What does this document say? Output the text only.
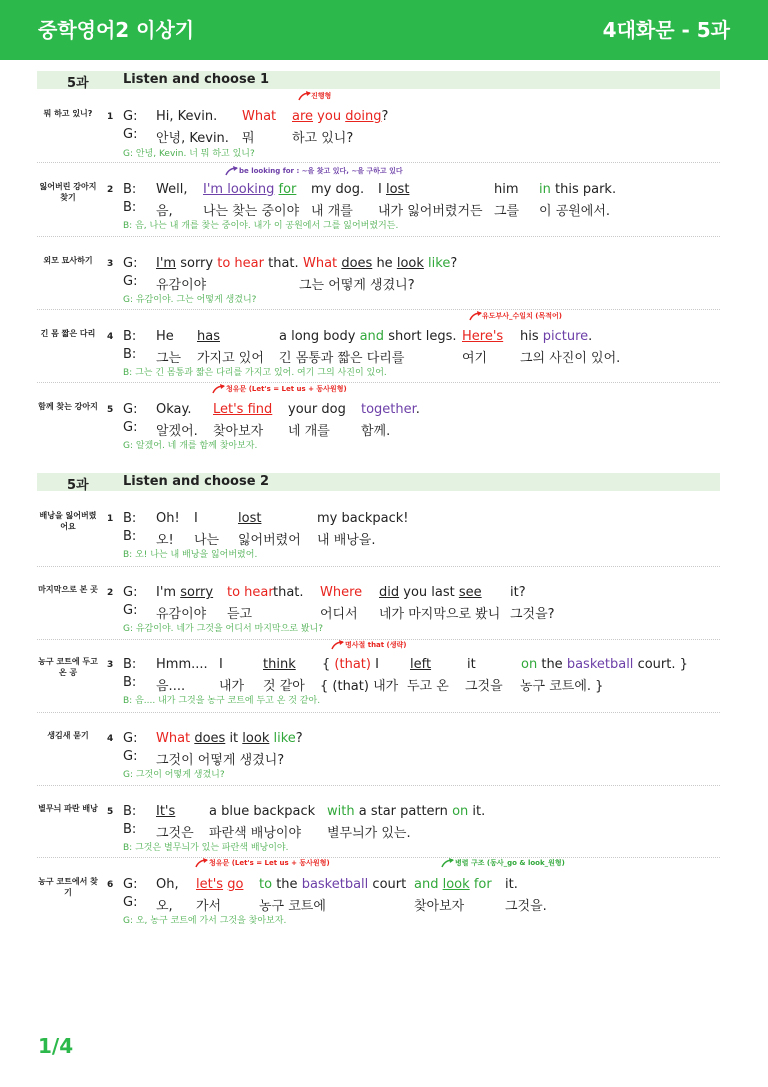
중학영어2 이상기	4대화문 - 5과
5과	Listen and choose 1
진행형
뭐 하고 있니?	1 G: Hi, Kevin. What are you doing?
G: 안녕, Kevin. 뭐	하고 있니?
G: 안녕, Kevin. 너 뭐 하고 있니?
be looking for : ~을 찾고 있다, ~을 구하고 있다
잃어버린 강아지 찾기
2 B: Well, I'm looking for my dog. I lost	him in this park.
B: 음, 나는 찾는 중이야 내 개를 내가 잃어버렸거든 그를 이 공원에서.
B: 음, 나는 내 개를 찾는 중이야. 내가 이 공원에서 그를 잃어버렸거든.
외모 묘사하기	3 G: I'm sorry to hear that. What does he look like?
G: 유감이야	그는 어떻게 생겼니?
G: 유감이야. 그는 어떻게 생겼니?
유도부사_수일치 (목적어)
긴 몸 짧은 다리	4 B: He has	a long body and short legs. Here's his picture.
B: 그는 가지고 있어 긴 몸통과 짧은 다리를	여기	그의 사진이 있어.
B: 그는 긴 몸통과 짧은 다리를 가지고 있어. 여기 그의 사진이 있어.
청유문 (Let's = Let us + 동사원형)
함께 찾는 강아지 5 G: Okay. Let's find your dog together.
G: 알겠어. 찾아보자 네 개를 함께.
G: 알겠어. 네 개를 함께 찾아보자.
5과	Listen and choose 2
배낭을 잃어버렸어요
1 B: Oh! I	lost	my backpack!
B: 오! 나는 잃어버렸어 내 배낭을.
B: 오! 나는 내 배낭을 잃어버렸어.
마지막으로 본 곳 2 G: I'm sorry to hear that. Where did you last see it?
G: 유감이야 듣고	어디서 네가 마지막으로 봤니 그것을?
G: 유감이야. 네가 그것을 어디서 마지막으로 봤니?
명사절 that (생략)
농구 코트에 두고 온 공
3 B: Hmm.... I	think { (that) I left	it	on the basketball court. }
B: 음....	내가 것 같아 { (that) 내가 두고 온 그것을 농구 코트에. }
B: 음.... 내가 그것을 농구 코트에 두고 온 것 같아.
생김새 묻기	4 G: What does it look like?
G: 그것이 어떻게 생겼니?
G: 그것이 어떻게 생겼니?
별무늬 파란 배낭 5 B: It's	a blue backpack with a star pattern on it.
B: 그것은 파란색 배낭이야 별무늬가 있는.
B: 그것은 별무늬가 있는 파란색 배낭이야.
청유문 (Let's = Let us + 동사원형)	병렬 구조 (동사_go & look_원형)
농구 코트에서 찾기
6 G: Oh, let's go to the basketball court and look for it.
G: 오, 가서	농구 코트에	찾아보자	그것을.
G: 오, 농구 코트에 가서 그것을 찾아보자.
1/4
